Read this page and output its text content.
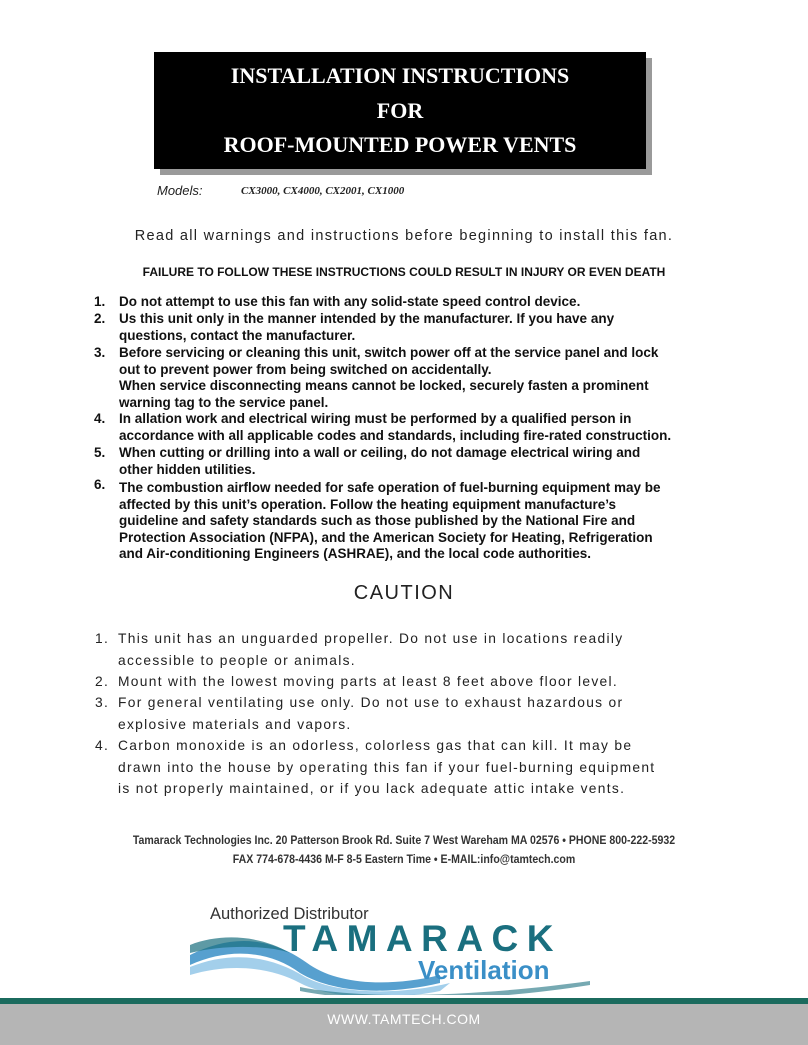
INSTALLATION INSTRUCTIONS
FOR
ROOF-MOUNTED POWER VENTS
Models:	CX3000, CX4000, CX2001, CX1000
Read all warnings and instructions before beginning to install this fan.
FAILURE TO FOLLOW THESE INSTRUCTIONS COULD RESULT IN INJURY OR EVEN DEATH
1. Do not attempt to use this fan with any solid-state speed control device.
2. Us this unit only in the manner intended by the manufacturer. If you have any
questions, contact the manufacturer.
3. Before servicing or cleaning this unit, switch power off at the service panel and lock
out to prevent power from being switched on accidentally.
When service disconnecting means cannot be locked, securely fasten a prominent
warning tag to the service panel.
4. In allation work and electrical wiring must be performed by a qualified person in
accordance with all applicable codes and standards, including fire-rated construction.
5. When cutting or drilling into a wall or ceiling, do not damage electrical wiring and
other hidden utilities.
6. The combustion airflow needed for safe operation of fuel-burning equipment may be
affected by this unit’s operation. Follow the heating equipment manufacture’s
guideline and safety standards such as those published by the National Fire and
Protection Association (NFPA), and the American Society for Heating, Refrigeration
and Air-conditioning Engineers (ASHRAE), and the local code authorities.
CAUTION
1. This unit has an unguarded propeller. Do not use in locations readily
accessible to people or animals.
2. Mount with the lowest moving parts at least 8 feet above floor level.
3. For general ventilating use only. Do not use to exhaust hazardous or
explosive materials and vapors.
4. Carbon monoxide is an odorless, colorless gas that can kill. It may be
drawn into the house by operating this fan if your fuel-burning equipment
is not properly maintained, or if you lack adequate attic intake vents.
Tamarack Technologies Inc. 20 Patterson Brook Rd. Suite 7 West Wareham MA 02576 • PHONE 800-222-5932
FAX 774-678-4436 M-F 8-5 Eastern Time • E-MAIL:info@tamtech.com
Authorized Distributor
TAMARACK
Ventilation
WWW.TAMTECH.COM
